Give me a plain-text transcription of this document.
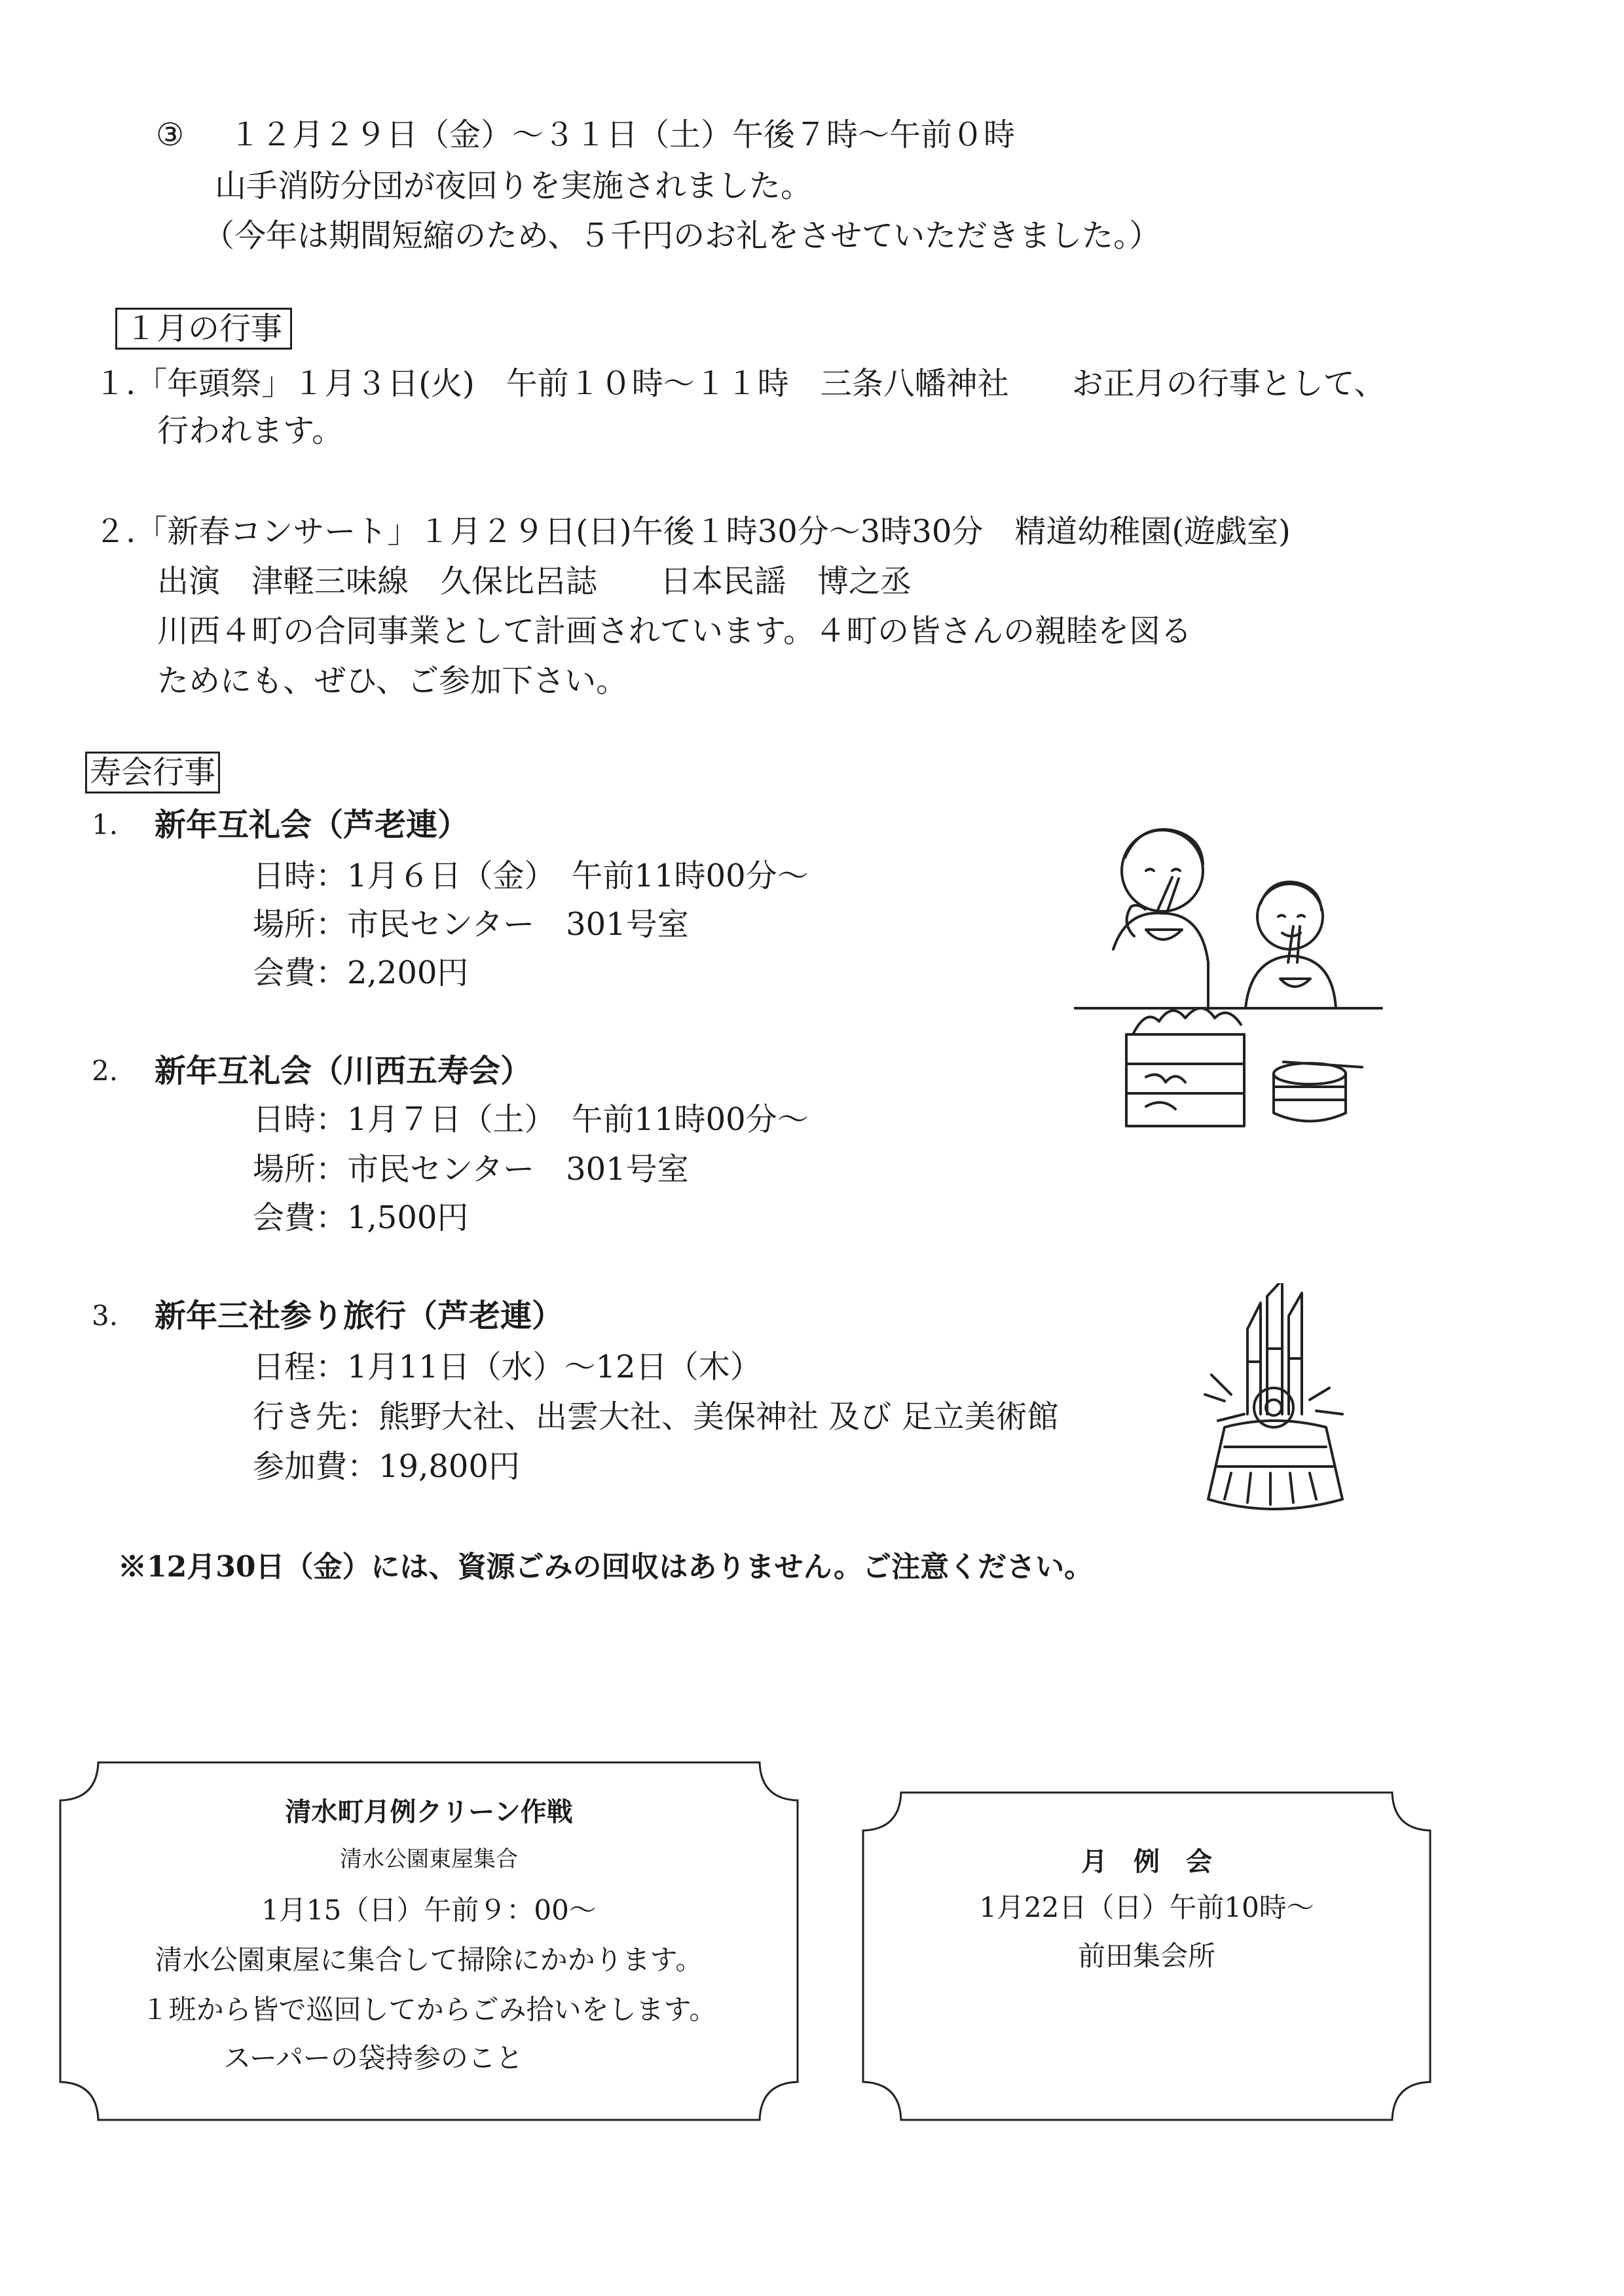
③ １２月２９日（金）～３１日（土）午後７時～午前０時
山手消防分団が夜回りを実施されました。
（今年は期間短縮のため、５千円のお礼をさせていただきました。）
１月の行事
１.「年頭祭」１月３日(火)　午前１０時～１１時　三条八幡神社　　お正月の行事として、
行われます。
２.「新春コンサート」１月２９日(日)午後１時30分～3時30分　精道幼稚園(遊戯室)
出演　津軽三味線　久保比呂誌　　日本民謡　博之丞
川西４町の合同事業として計画されています。４町の皆さんの親睦を図る
ためにも、ぜひ、ご参加下さい。
寿会行事
1. 新年互礼会（芦老連）
日時：1月６日（金）　午前11時00分～
場所：市民センター　301号室
会費：2,200円
2. 新年互礼会（川西五寿会）
日時：1月７日（土）　午前11時00分～
場所：市民センター　301号室
会費：1,500円
3. 新年三社参り旅行（芦老連）
日程：1月11日（水）～12日（木）
行き先：熊野大社、出雲大社、美保神社 及び 足立美術館
参加費：19,800円
※12月30日（金）には、資源ごみの回収はありません。ご注意ください。
清水町月例クリーン作戦
清水公園東屋集合
1月15（日）午前９：00～
清水公園東屋に集合して掃除にかかります。
１班から皆で巡回してからごみ拾いをします。
スーパーの袋持参のこと
月　例　会
1月22日（日）午前10時～
前田集会所
